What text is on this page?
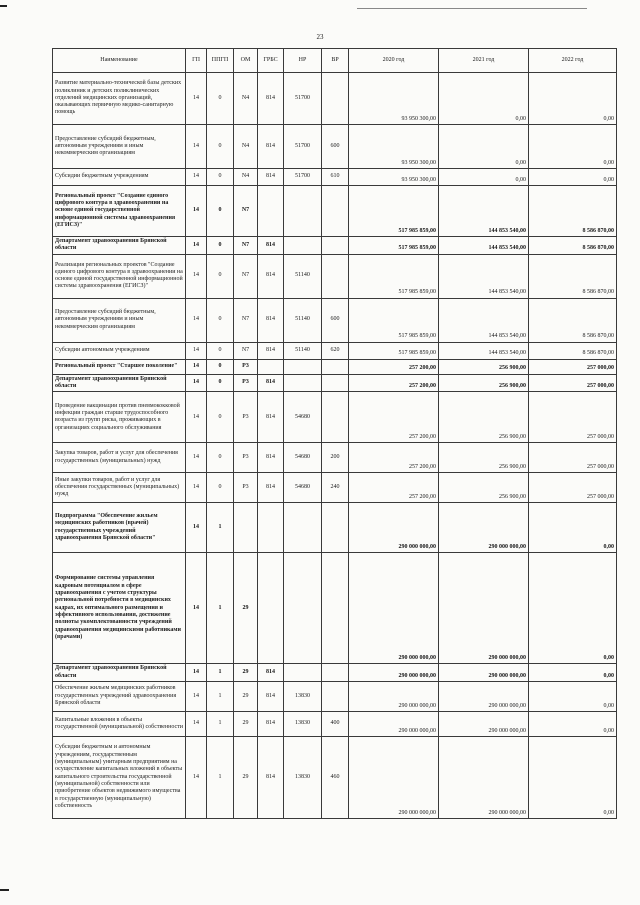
23
Наименование	ГП	ППГП	ОМ	ГРБС	НР	ВР	2020 год	2021 год	2022 год
Развитие материально-технической базы детских поликлиник и детских поликлинических отделений медицинских организаций, оказывающих первичную медико-санитарную помощь	14	0	N4	814	51700		93 950 300,00	0,00	0,00
Предоставление субсидий бюджетным, автономным учреждениям и иным некоммерческим организациям	14	0	N4	814	51700	600	93 950 300,00	0,00	0,00
Субсидии бюджетным учреждениям	14	0	N4	814	51700	610	93 950 300,00	0,00	0,00
Региональный проект "Создание единого цифрового контура в здравоохранении на основе единой государственной информационной системы здравоохранения (ЕГИСЗ)"	14	0	N7				517 985 859,00	144 853 540,00	8 586 870,00
Департамент здравоохранения Брянской области	14	0	N7	814			517 985 859,00	144 853 540,00	8 586 870,00
Реализация региональных проектов "Создание единого цифрового контура в здравоохранении на основе единой государственной информационной системы здравоохранения (ЕГИСЗ)"	14	0	N7	814	51140		517 985 859,00	144 853 540,00	8 586 870,00
Предоставление субсидий бюджетным, автономным учреждениям и иным некоммерческим организациям	14	0	N7	814	51140	600	517 985 859,00	144 853 540,00	8 586 870,00
Субсидии автономным учреждениям	14	0	N7	814	51140	620	517 985 859,00	144 853 540,00	8 586 870,00
Региональный проект "Старшее поколение"	14	0	P3				257 200,00	256 900,00	257 000,00
Департамент здравоохранения Брянской области	14	0	P3	814			257 200,00	256 900,00	257 000,00
Проведение вакцинации против пневмококковой инфекции граждан старше трудоспособного возраста из групп риска, проживающих в организациях социального обслуживания	14	0	P3	814	54680		257 200,00	256 900,00	257 000,00
Закупка товаров, работ и услуг для обеспечения государственных (муниципальных) нужд	14	0	P3	814	54680	200	257 200,00	256 900,00	257 000,00
Иные закупки товаров, работ и услуг для обеспечения государственных (муниципальных) нужд	14	0	P3	814	54680	240	257 200,00	256 900,00	257 000,00
Подпрограмма "Обеспечение жильем медицинских работников (врачей) государственных учреждений здравоохранения Брянской области"	14	1					290 000 000,00	290 000 000,00	0,00
Формирование системы управления кадровым потенциалом в сфере здравоохранения с учетом структуры региональной потребности в медицинских кадрах, их оптимального размещения и эффективного использования, достижение полноты укомплектованности учреждений здравоохранения медицинскими работниками (врачами)	14	1	29				290 000 000,00	290 000 000,00	0,00
Департамент здравоохранения Брянской области	14	1	29	814			290 000 000,00	290 000 000,00	0,00
Обеспечение жильем медицинских работников государственных учреждений здравоохранения Брянской области	14	1	29	814	13830		290 000 000,00	290 000 000,00	0,00
Капитальные вложения в объекты государственной (муниципальной) собственности	14	1	29	814	13830	400	290 000 000,00	290 000 000,00	0,00
Субсидии бюджетным и автономным учреждениям, государственным (муниципальным) унитарным предприятиям на осуществление капитальных вложений в объекты капитального строительства государственной (муниципальной) собственности или приобретение объектов недвижимого имущества в государственную (муниципальную) собственность	14	1	29	814	13830	460	290 000 000,00	290 000 000,00	0,00
